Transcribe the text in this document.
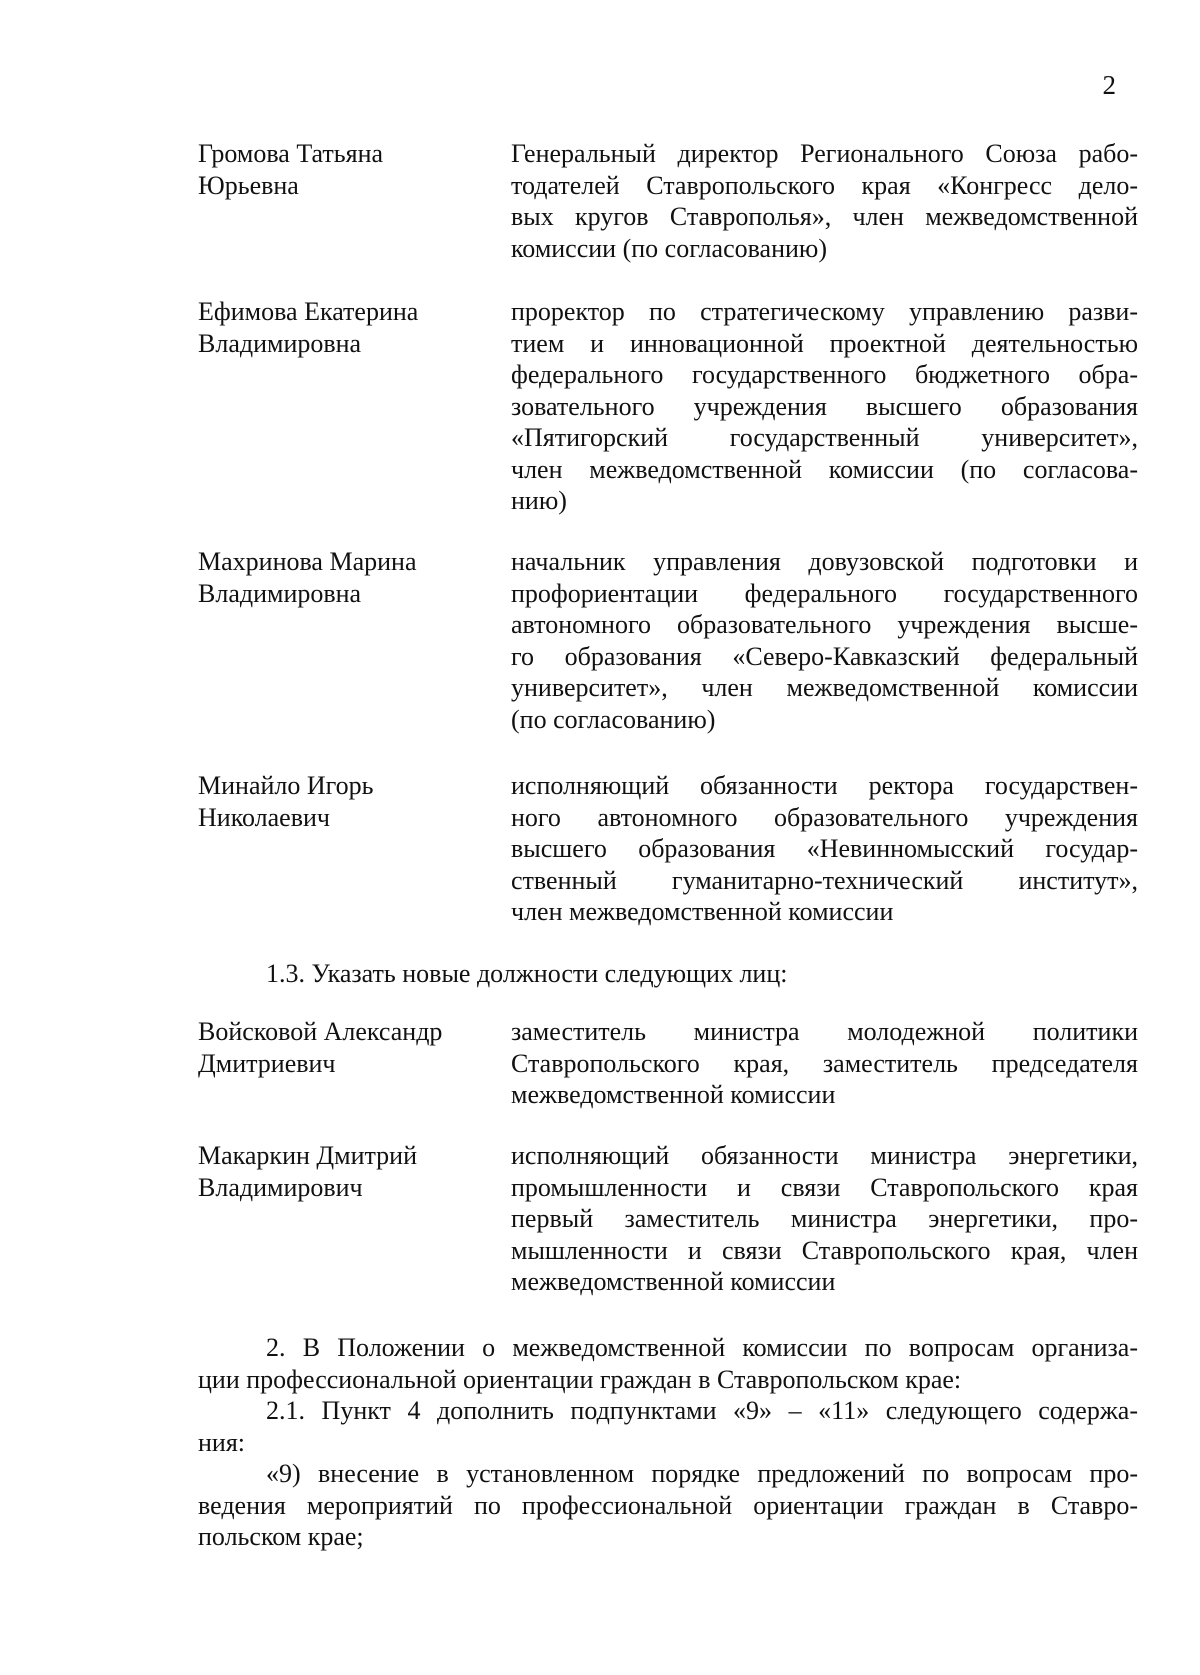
2
Громова Татьяна
Юрьевна
Генеральный директор Регионального Союза рабо-
тодателей Ставропольского края «Конгресс дело-
вых кругов Ставрополья», член межведомственной
комиссии (по согласованию)
Ефимова Екатерина
Владимировна
проректор по стратегическому управлению разви-
тием и инновационной проектной деятельностью
федерального государственного бюджетного обра-
зовательного учреждения высшего образования
«Пятигорский государственный университет»,
член межведомственной комиссии (по согласова-
нию)
Махринова Марина
Владимировна
начальник управления довузовской подготовки и
профориентации федерального государственного
автономного образовательного учреждения высше-
го образования «Северо-Кавказский федеральный
университет», член межведомственной комиссии
(по согласованию)
Минайло Игорь
Николаевич
исполняющий обязанности ректора государствен-
ного автономного образовательного учреждения
высшего образования «Невинномысский государ-
ственный гуманитарно-технический институт»,
член межведомственной комиссии
1.3. Указать новые должности следующих лиц:
Войсковой Александр
Дмитриевич
заместитель министра молодежной политики
Ставропольского края, заместитель председателя
межведомственной комиссии
Макаркин Дмитрий
Владимирович
исполняющий обязанности министра энергетики,
промышленности и связи Ставропольского края
первый заместитель министра энергетики, про-
мышленности и связи Ставропольского края, член
межведомственной комиссии
2. В Положении о межведомственной комиссии по вопросам организа-
ции профессиональной ориентации граждан в Ставропольском крае:
2.1. Пункт 4 дополнить подпунктами «9» – «11» следующего содержа-
ния:
«9) внесение в установленном порядке предложений по вопросам про-
ведения мероприятий по профессиональной ориентации граждан в Ставро-
польском крае;
